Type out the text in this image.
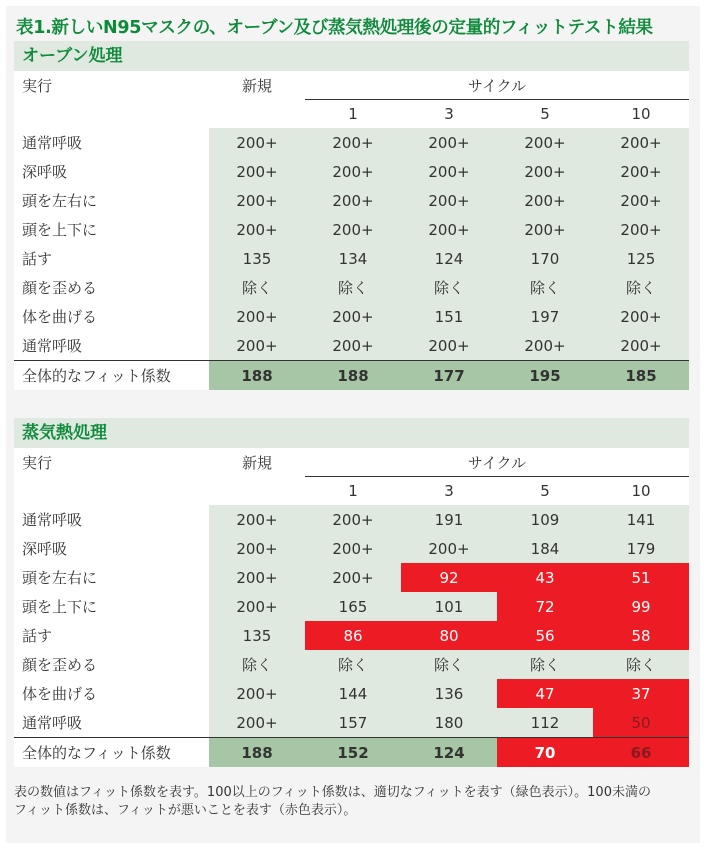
表1.新しいN95マスクの、オーブン及び蒸気熱処理後の定量的フィットテスト結果
オーブン処理
実行	新規	サイクル			
		1	3	5	10
通常呼吸	200+	200+	200+	200+	200+
深呼吸	200+	200+	200+	200+	200+
頭を左右に	200+	200+	200+	200+	200+
頭を上下に	200+	200+	200+	200+	200+
話す	135	134	124	170	125
顔を歪める	除く	除く	除く	除く	除く
体を曲げる	200+	200+	151	197	200+
通常呼吸	200+	200+	200+	200+	200+
全体的なフィット係数	188	188	177	195	185
蒸気熱処理
実行	新規	サイクル			
		1	3	5	10
通常呼吸	200+	200+	191	109	141
深呼吸	200+	200+	200+	184	179
頭を左右に	200+	200+	92	43	51
頭を上下に	200+	165	101	72	99
話す	135	86	80	56	58
顔を歪める	除く	除く	除く	除く	除く
体を曲げる	200+	144	136	47	37
通常呼吸	200+	157	180	112	50
全体的なフィット係数	188	152	124	70	66
表の数値はフィット係数を表す。100以上のフィット係数は、適切なフィットを表す（緑色表示）。100未満の
フィット係数は、フィットが悪いことを表す（赤色表示）。
